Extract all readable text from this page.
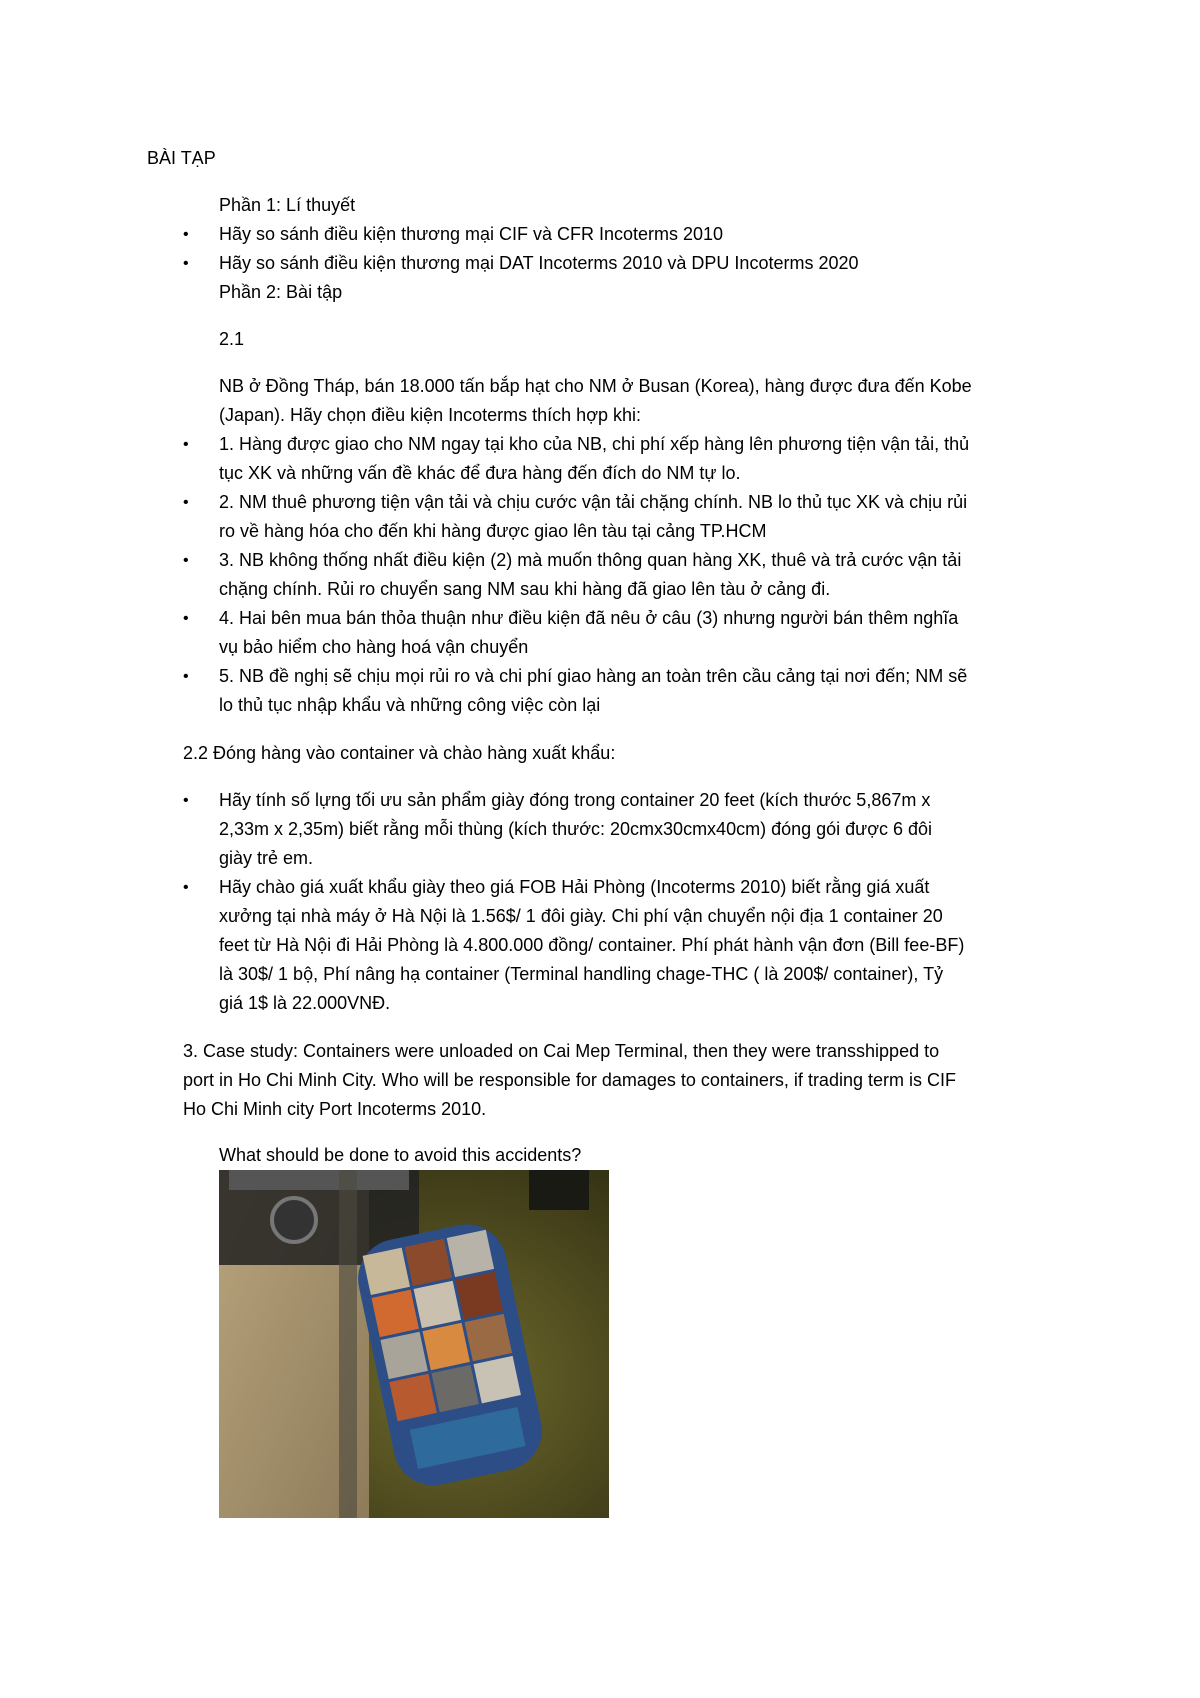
BÀI TẠP
Phần 1: Lí thuyết
• Hãy so sánh điều kiện thương mại CIF và CFR Incoterms 2010
• Hãy so sánh điều kiện thương mại DAT Incoterms 2010 và DPU Incoterms 2020
Phần 2: Bài tập
2.1
NB ở Đồng Tháp, bán 18.000 tấn bắp hạt cho NM ở Busan (Korea), hàng được đưa đến Kobe
(Japan). Hãy chọn điều kiện Incoterms thích hợp khi:
• 1. Hàng được giao cho NM ngay tại kho của NB, chi phí xếp hàng lên phương tiện vận tải, thủ
tục XK và những vấn đề khác để đưa hàng đến đích do NM tự lo.
• 2. NM thuê phương tiện vận tải và chịu cước vận tải chặng chính. NB lo thủ tục XK và chịu rủi
ro về hàng hóa cho đến khi hàng được giao lên tàu tại cảng TP.HCM
• 3. NB không thống nhất điều kiện (2) mà muốn thông quan hàng XK, thuê và trả cước vận tải
chặng chính. Rủi ro chuyển sang NM sau khi hàng đã giao lên tàu ở cảng đi.
• 4. Hai bên mua bán thỏa thuận như điều kiện đã nêu ở câu (3) nhưng người bán thêm nghĩa
vụ bảo hiểm cho hàng hoá vận chuyển
• 5. NB đề nghị sẽ chịu mọi rủi ro và chi phí giao hàng an toàn trên cầu cảng tại nơi đến; NM sẽ
lo thủ tục nhập khẩu và những công việc còn lại
2.2 Đóng hàng vào container và chào hàng xuất khẩu:
• Hãy tính số lựng tối ưu sản phẩm giày đóng trong container 20 feet (kích thước 5,867m x
2,33m x 2,35m) biết rằng mỗi thùng (kích thước: 20cmx30cmx40cm) đóng gói được 6 đôi
giày trẻ em.
• Hãy chào giá xuất khẩu giày theo giá FOB Hải Phòng (Incoterms 2010) biết rằng giá xuất
xưởng tại nhà máy ở Hà Nội là 1.56$/ 1 đôi giày. Chi phí vận chuyển nội địa 1 container 20
feet từ Hà Nội đi Hải Phòng là 4.800.000 đồng/ container. Phí phát hành vận đơn (Bill fee-BF)
là 30$/ 1 bộ, Phí nâng hạ container (Terminal handling chage-THC ( là 200$/ container), Tỷ
giá 1$ là 22.000VNĐ.
3. Case study: Containers were unloaded on Cai Mep Terminal, then they were transshipped to
port in Ho Chi Minh City. Who will be responsible for damages to containers, if trading term is CIF
Ho Chi Minh city Port Incoterms 2010.
What should be done to avoid this accidents?
